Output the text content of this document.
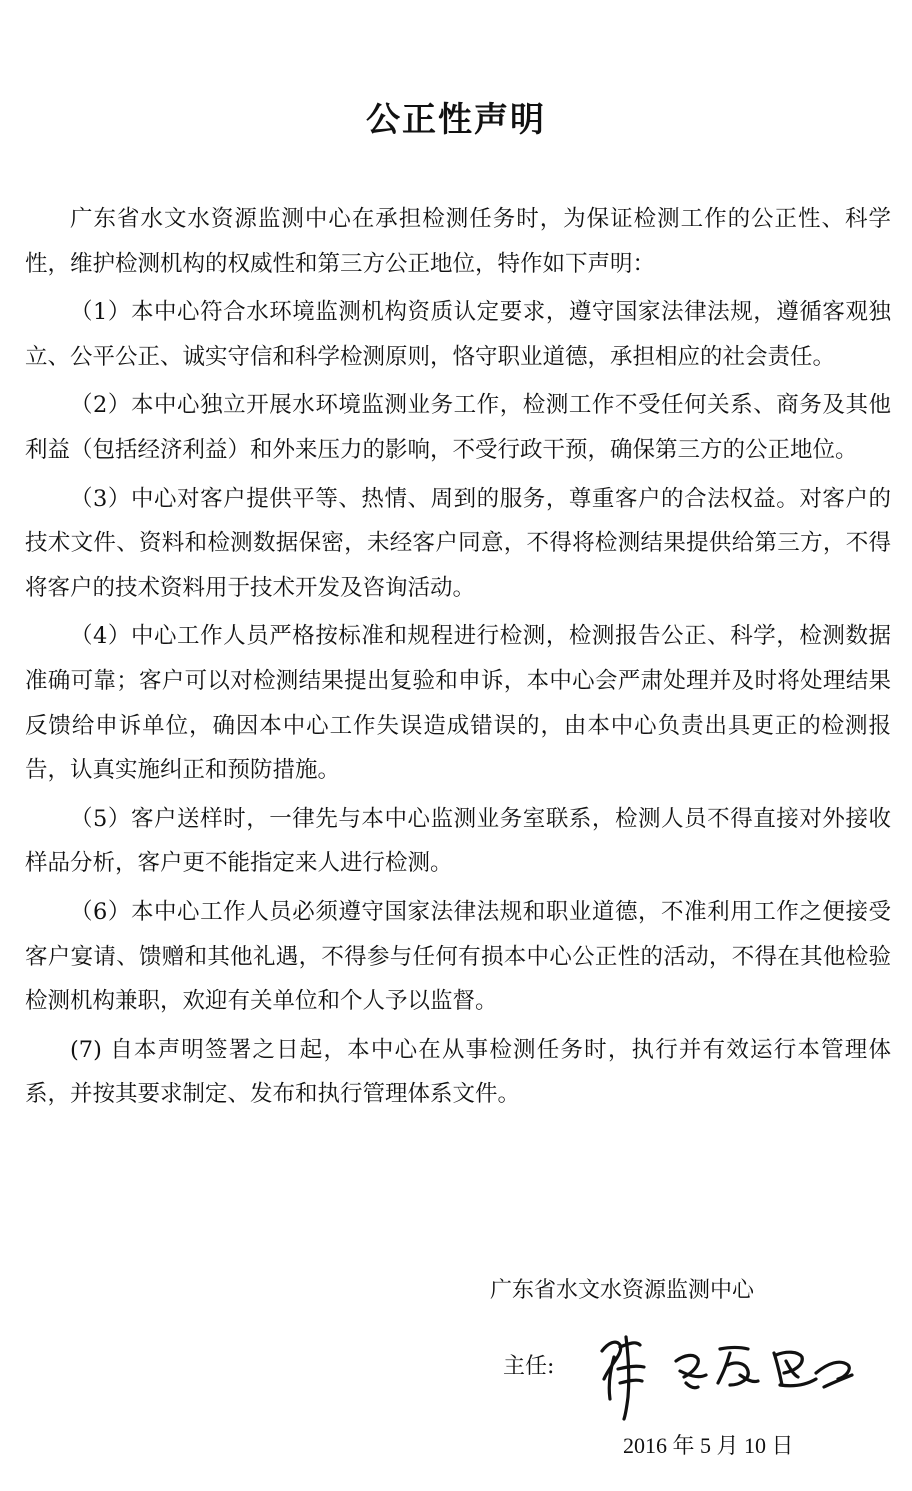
公正性声明

广东省水文水资源监测中心在承担检测任务时，为保证检测工作的公正性、科学性，维护检测机构的权威性和第三方公正地位，特作如下声明：

（1）本中心符合水环境监测机构资质认定要求，遵守国家法律法规，遵循客观独立、公平公正、诚实守信和科学检测原则，恪守职业道德，承担相应的社会责任。

（2）本中心独立开展水环境监测业务工作，检测工作不受任何关系、商务及其他利益（包括经济利益）和外来压力的影响，不受行政干预，确保第三方的公正地位。

（3）中心对客户提供平等、热情、周到的服务，尊重客户的合法权益。对客户的技术文件、资料和检测数据保密，未经客户同意，不得将检测结果提供给第三方，不得将客户的技术资料用于技术开发及咨询活动。

（4）中心工作人员严格按标准和规程进行检测，检测报告公正、科学，检测数据准确可靠；客户可以对检测结果提出复验和申诉，本中心会严肃处理并及时将处理结果反馈给申诉单位，确因本中心工作失误造成错误的，由本中心负责出具更正的检测报告，认真实施纠正和预防措施。

（5）客户送样时，一律先与本中心监测业务室联系，检测人员不得直接对外接收样品分析，客户更不能指定来人进行检测。

（6）本中心工作人员必须遵守国家法律法规和职业道德，不准利用工作之便接受客户宴请、馈赠和其他礼遇，不得参与任何有损本中心公正性的活动，不得在其他检验检测机构兼职，欢迎有关单位和个人予以监督。

(7) 自本声明签署之日起，本中心在从事检测任务时，执行并有效运行本管理体系，并按其要求制定、发布和执行管理体系文件。

广东省水文水资源监测中心
主任:
2016 年 5 月 10 日
